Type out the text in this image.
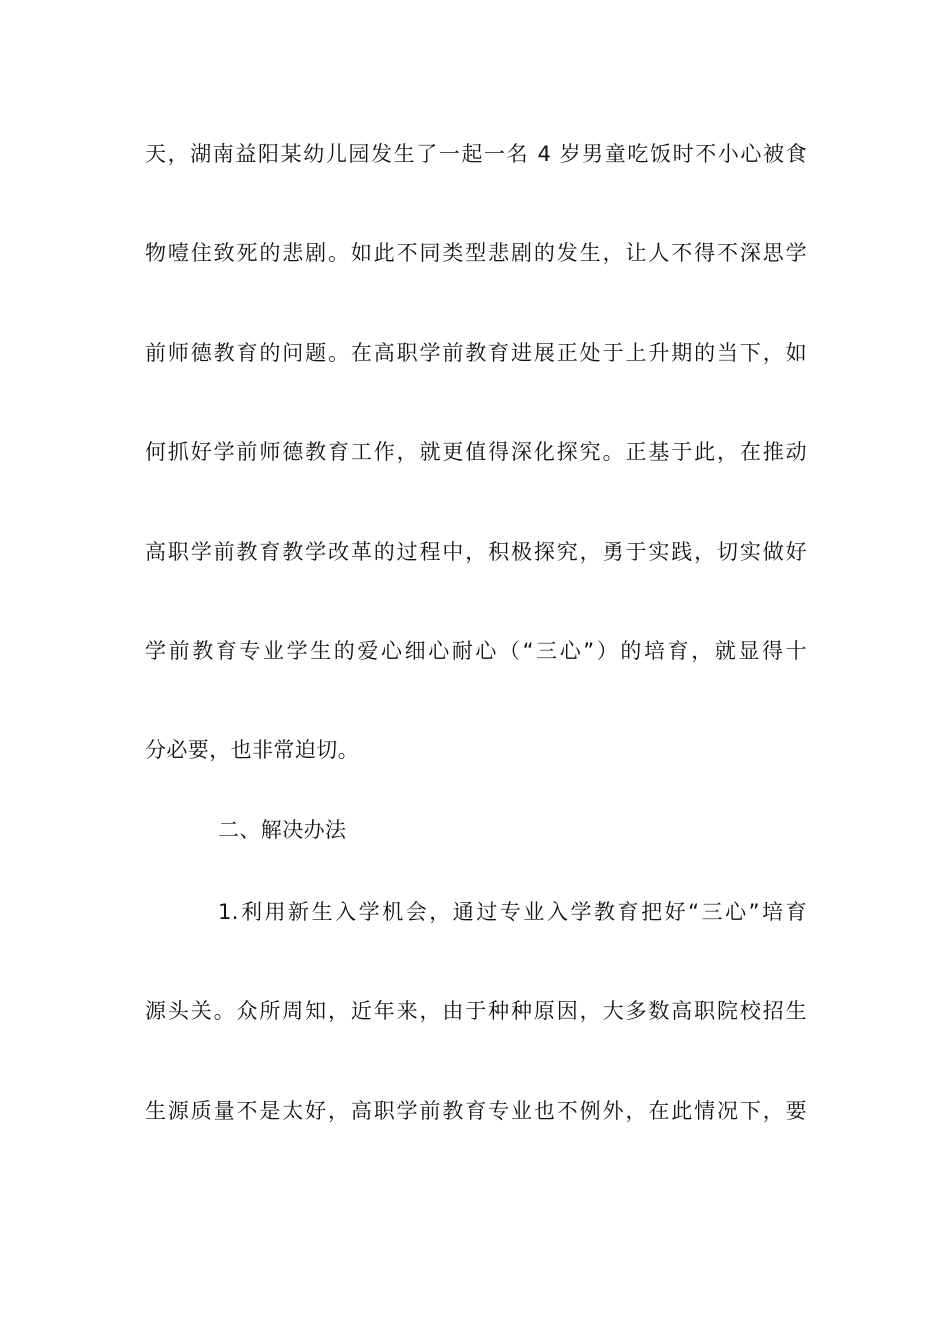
天，湖南益阳某幼儿园发生了一起一名 4 岁男童吃饭时不小心被食
物噎住致死的悲剧。如此不同类型悲剧的发生，让人不得不深思学
前师德教育的问题。在高职学前教育进展正处于上升期的当下，如
何抓好学前师德教育工作，就更值得深化探究。正基于此，在推动
高职学前教育教学改革的过程中，积极探究，勇于实践，切实做好
学前教育专业学生的爱心细心耐心（“三心”）的培育，就显得十
分必要，也非常迫切。
二、解决办法
1.利用新生入学机会，通过专业入学教育把好“三心”培育
源头关。众所周知，近年来，由于种种原因，大多数高职院校招生
生源质量不是太好，高职学前教育专业也不例外，在此情况下，要
